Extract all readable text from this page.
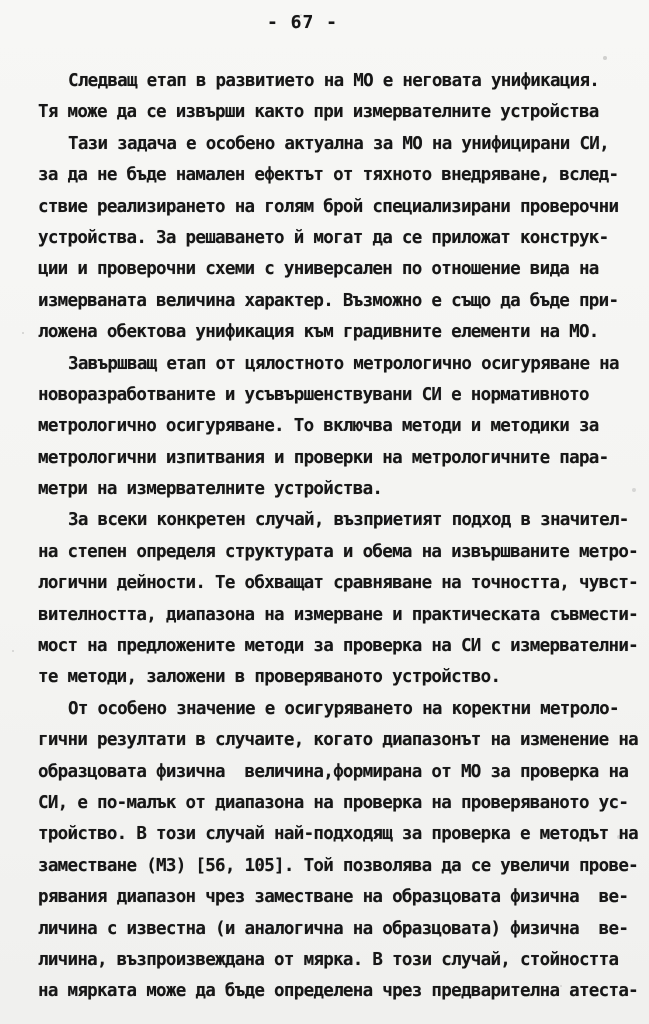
- 67 -
Следващ етап в развитието на МО е неговата унификация.
Тя може да се извърши както при измервателните устройства
Тази задача е особено актуална за МО на унифицирани СИ,
за да не бъде намален ефектът от тяхното внедряване, вслед-
ствие реализирането на голям брой специализирани проверочни
устройства. За решаването й могат да се приложат конструк-
ции и проверочни схеми с универсален по отношение вида на
измерваната величина характер. Възможно е също да бъде при-
ложена обектова унификация към градивните елементи на МО.
Завършващ етап от цялостното метрологично осигуряване на
новоразработваните и усъвършенствувани СИ е нормативното
метрологично осигуряване. То включва методи и методики за
метрологични изпитвания и проверки на метрологичните пара-
метри на измервателните устройства.
За всеки конкретен случай, възприетият подход в значител-
на степен определя структурата и обема на извършваните метро-
логични дейности. Те обхващат сравняване на точността, чувст-
вителността, диапазона на измерване и практическата съвмести-
мост на предложените методи за проверка на СИ с измервателни-
те методи, заложени в проверяваното устройство.
От особено значение е осигуряването на коректни метроло-
гични резултати в случаите, когато диапазонът на изменение на
образцовата физична  величина,формирана от МО за проверка на
СИ, е по-малък от диапазона на проверка на проверяваното ус-
тройство. В този случай най-подходящ за проверка е методът на
заместване (МЗ) [56, 105]. Той позволява да се увеличи прове-
рявания диапазон чрез заместване на образцовата физична  ве-
личина с известна (и аналогична на образцовата) физична  ве-
личина, възпроизвеждана от мярка. В този случай, стойността
на мярката може да бъде определена чрез предварителна атеста-
